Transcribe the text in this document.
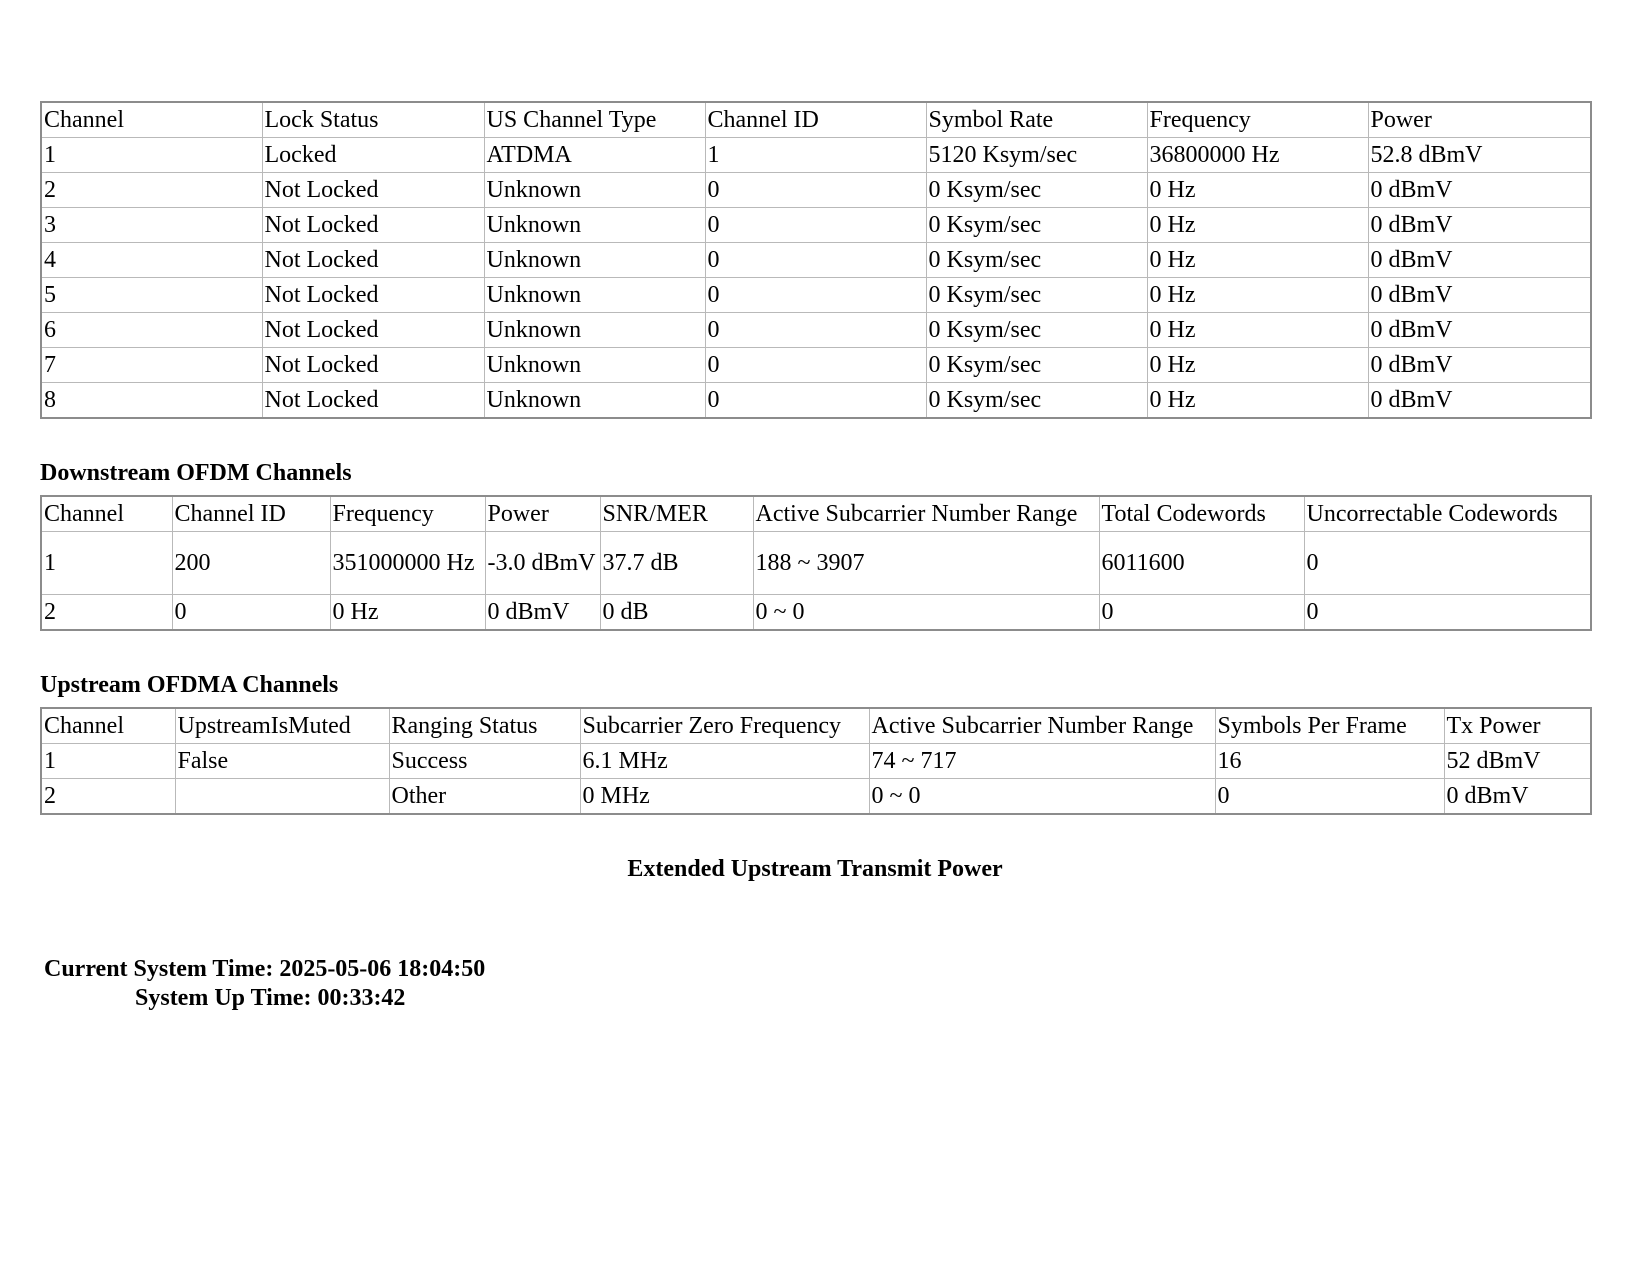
Channel	Lock Status	US Channel Type	Channel ID	Symbol Rate	Frequency	Power
1	Locked	ATDMA	1	5120 Ksym/sec	36800000 Hz	52.8 dBmV
2	Not Locked	Unknown	0	0 Ksym/sec	0 Hz	0 dBmV
3	Not Locked	Unknown	0	0 Ksym/sec	0 Hz	0 dBmV
4	Not Locked	Unknown	0	0 Ksym/sec	0 Hz	0 dBmV
5	Not Locked	Unknown	0	0 Ksym/sec	0 Hz	0 dBmV
6	Not Locked	Unknown	0	0 Ksym/sec	0 Hz	0 dBmV
7	Not Locked	Unknown	0	0 Ksym/sec	0 Hz	0 dBmV
8	Not Locked	Unknown	0	0 Ksym/sec	0 Hz	0 dBmV
Downstream OFDM Channels
Channel	Channel ID	Frequency	Power	SNR/MER	Active Subcarrier Number Range	Total Codewords	Uncorrectable Codewords
1	200	351000000 Hz	-3.0 dBmV	37.7 dB	188 ~ 3907	6011600	0
2	0	0 Hz	0 dBmV	0 dB	0 ~ 0	0	0
Upstream OFDMA Channels
Channel	UpstreamIsMuted	Ranging Status	Subcarrier Zero Frequency	Active Subcarrier Number Range	Symbols Per Frame	Tx Power
1	False	Success	6.1 MHz	74 ~ 717	16	52 dBmV
2		Other	0 MHz	0 ~ 0	0	0 dBmV
Extended Upstream Transmit Power
Current System Time: 2025-05-06 18:04:50
System Up Time: 00:33:42
